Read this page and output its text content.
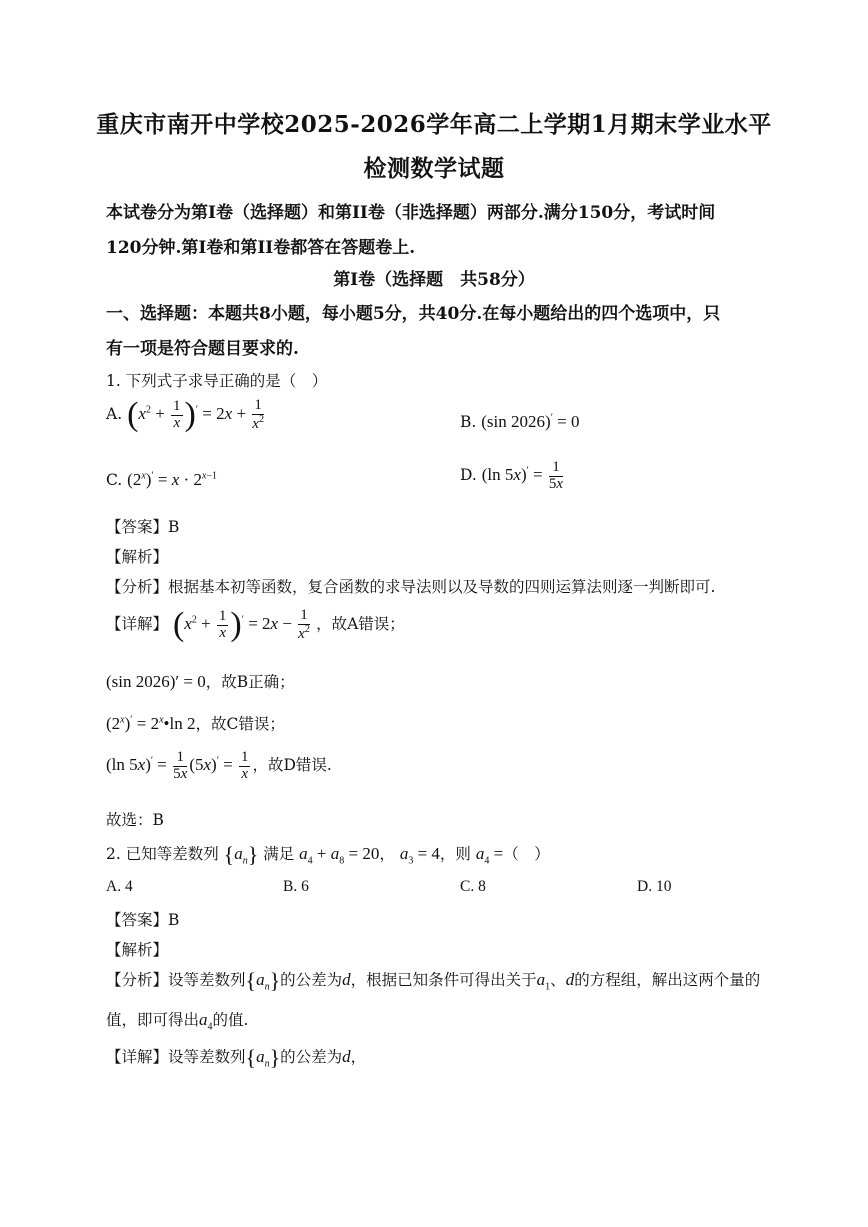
重庆市南开中学校2025-2026学年高二上学期1月期末学业水平
检测数学试题
本试卷分为第I卷（选择题）和第II卷（非选择题）两部分.满分150分，考试时间
120分钟.第I卷和第II卷都答在答题卷上.
第I卷（选择题　共58分）
一、选择题：本题共8小题，每小题5分，共40分.在每小题给出的四个选项中，只
有一项是符合题目要求的.
1. 下列式子求导正确的是（　）
A. $(x^2 + \frac{1}{x} )' = 2x + \frac{1}{x^2}$	B. (sin 2026)′ = 0
C. $(2^x)' = x \cdot 2^{x-1}$	D. (ln $5x)' = \frac{1}{5x}$
【答案】B
【解析】
【分析】根据基本初等函数，复合函数的求导法则以及导数的四则运算法则逐一判断即可.
【详解】 $(x^2 + \frac{1}{x} )' = 2x - \frac{1}{x^2}$ ，故A错误；
(sin 2026)′ = 0，故B正确；
$(2^x)'$ = $2^x•\ln$ 2，故C错误；
(ln $5x)' = \frac{1}{5x} (5x)' = \frac{1}{x}$ ，故D错误.
故选：B
2. 已知等差数列 $\{a_n\}$ 满足 $a_4 + a_8 = 20$， $a_3 = 4$，则 $a_4$ =（　）
A. 4	B. 6	C. 8	D. 10
【答案】B
【解析】
【分析】设等差数列$\{a_n\}$的公差为d，根据已知条件可得出关于$a_1$、d的方程组，解出这两个量的
值，即可得出$a_4$的值.
【详解】设等差数列$\{a_n\}$的公差为d，
